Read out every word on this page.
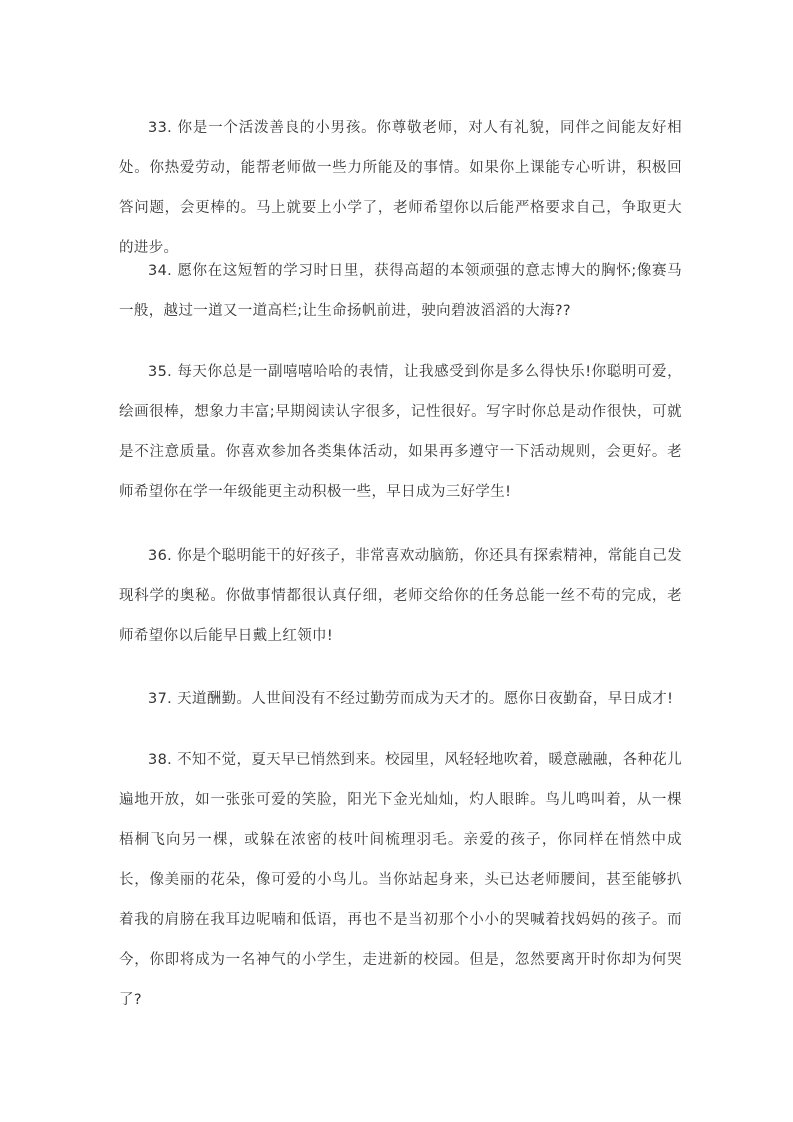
33. 你是一个活泼善良的小男孩。你尊敬老师，对人有礼貌，同伴之间能友好相处。你热爱劳动，能帮老师做一些力所能及的事情。如果你上课能专心听讲，积极回答问题，会更棒的。马上就要上小学了，老师希望你以后能严格要求自己，争取更大的进步。

34. 愿你在这短暂的学习时日里，获得高超的本领顽强的意志博大的胸怀;像赛马一般，越过一道又一道高栏;让生命扬帆前进，驶向碧波滔滔的大海??

35. 每天你总是一副嘻嘻哈哈的表情，让我感受到你是多么得快乐!你聪明可爱，绘画很棒，想象力丰富;早期阅读认字很多，记性很好。写字时你总是动作很快，可就是不注意质量。你喜欢参加各类集体活动，如果再多遵守一下活动规则，会更好。老师希望你在学一年级能更主动积极一些，早日成为三好学生!

36. 你是个聪明能干的好孩子，非常喜欢动脑筋，你还具有探索精神，常能自己发现科学的奥秘。你做事情都很认真仔细，老师交给你的任务总能一丝不苟的完成，老师希望你以后能早日戴上红领巾!

37. 天道酬勤。人世间没有不经过勤劳而成为天才的。愿你日夜勤奋，早日成才!

38. 不知不觉，夏天早已悄然到来。校园里，风轻轻地吹着，暖意融融，各种花儿遍地开放，如一张张可爱的笑脸，阳光下金光灿灿，灼人眼眸。鸟儿鸣叫着，从一棵梧桐飞向另一棵，或躲在浓密的枝叶间梳理羽毛。亲爱的孩子，你同样在悄然中成长，像美丽的花朵，像可爱的小鸟儿。当你站起身来，头已达老师腰间，甚至能够扒着我的肩膀在我耳边呢喃和低语，再也不是当初那个小小的哭喊着找妈妈的孩子。而今，你即将成为一名神气的小学生，走进新的校园。但是，忽然要离开时你却为何哭了?
